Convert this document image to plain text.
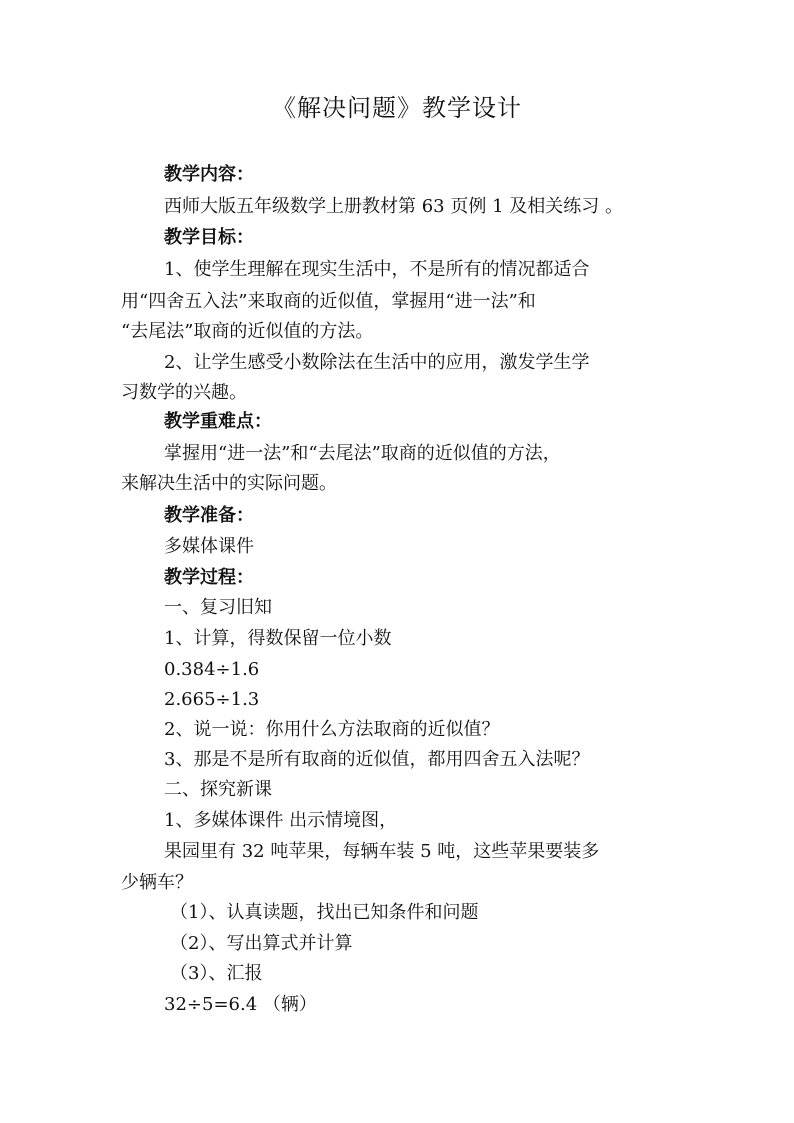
《解决问题》教学设计
教学内容：
西师大版五年级数学上册教材第 63 页例 1 及相关练习 。
教学目标：
1、使学生理解在现实生活中，不是所有的情况都适合
用“四舍五入法”来取商的近似值，掌握用“进一法”和
“去尾法”取商的近似值的方法。
2、让学生感受小数除法在生活中的应用，激发学生学
习数学的兴趣。
教学重难点：
掌握用“进一法”和“去尾法”取商的近似值的方法，
来解决生活中的实际问题。
教学准备：
多媒体课件
教学过程：
一、复习旧知
1、计算，得数保留一位小数
0.384÷1.6
2.665÷1.3
2、说一说：你用什么方法取商的近似值？
3、那是不是所有取商的近似值，都用四舍五入法呢？
二、探究新课
1、多媒体课件 出示情境图，
果园里有 32 吨苹果，每辆车装 5 吨，这些苹果要装多
少辆车？
（1）、认真读题，找出已知条件和问题
（2）、写出算式并计算
（3）、汇报
32÷5=6.4 （辆）
